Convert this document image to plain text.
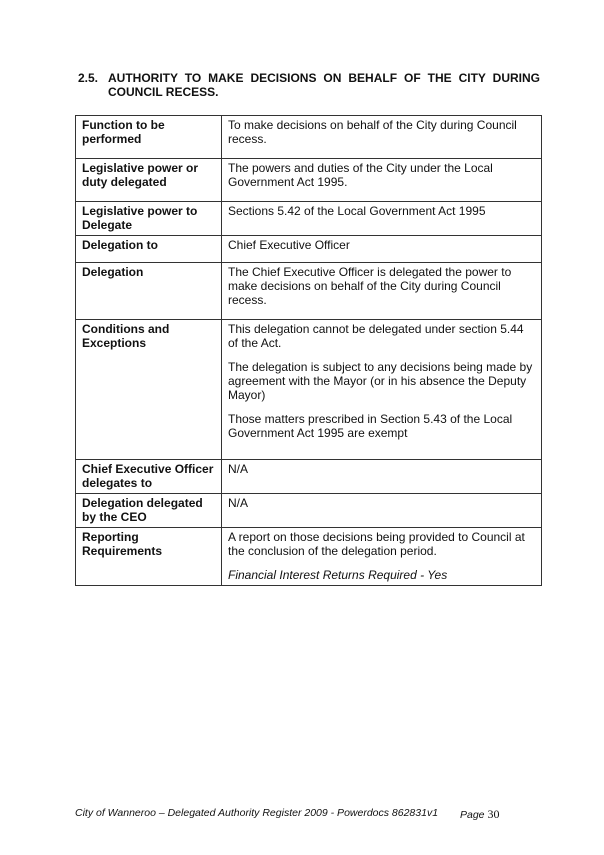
2.5. AUTHORITY TO MAKE DECISIONS ON BEHALF OF THE CITY DURING COUNCIL RECESS.
Function to be performed	To make decisions on behalf of the City during Council recess.

Legislative power or duty delegated	The powers and duties of the City under the Local Government Act 1995.

Legislative power to Delegate	Sections 5.42 of the Local Government Act 1995

Delegation to	Chief Executive Officer

Delegation	The Chief Executive Officer is delegated the power to make decisions on behalf of the City during Council recess.

Conditions and Exceptions	This delegation cannot be delegated under section 5.44 of the Act.
The delegation is subject to any decisions being made by agreement with the Mayor (or in his absence the Deputy Mayor)
Those matters prescribed in Section 5.43 of the Local Government Act 1995 are exempt

Chief Executive Officer delegates to	N/A

Delegation delegated by the CEO	N/A

Reporting Requirements	A report on those decisions being provided to Council at the conclusion of the delegation period.
Financial Interest Returns Required - Yes
City of Wanneroo – Delegated Authority Register 2009 - Powerdocs 862831v1 Page 30
